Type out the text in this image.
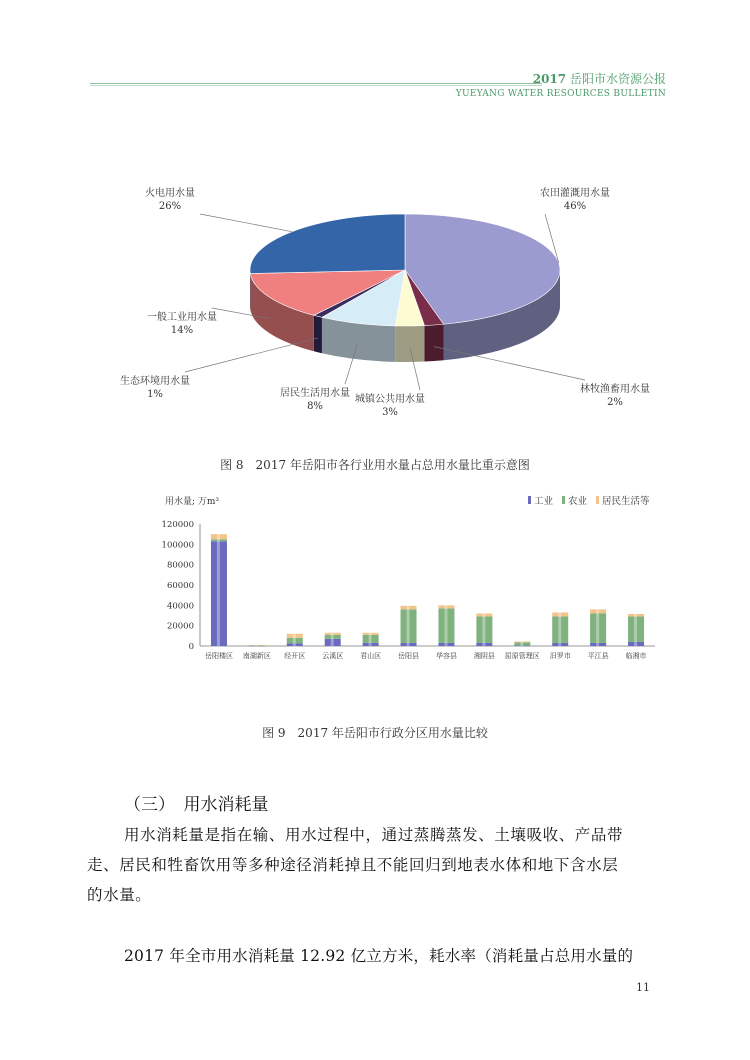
2017 岳阳市水资源公报
YUEYANG WATER RESOURCES BULLETIN
农田灌溉用水量
46%
林牧渔畜用水量
2%
城镇公共用水量
3%
居民生活用水量
8%
生态环境用水量
1%
一般工业用水量
14%
火电用水量
26%
图 8　2017 年岳阳市各行业用水量占总用水量比重示意图
用水量; 万m³
0
20000
40000
60000
80000
100000
120000
岳阳楼区 南湖新区 经开区 云溪区 君山区 岳阳县 华容县 湘阴县 屈原管理区 汨罗市 平江县 临湘市
工业 农业 居民生活等
图 9　2017 年岳阳市行政分区用水量比较
（三）　用水消耗量
用水消耗量是指在输、用水过程中，通过蒸腾蒸发、土壤吸收、产品带
走、居民和牲畜饮用等多种途径消耗掉且不能回归到地表水体和地下含水层
的水量。
2017 年全市用水消耗量 12.92 亿立方米，耗水率（消耗量占总用水量的
11
